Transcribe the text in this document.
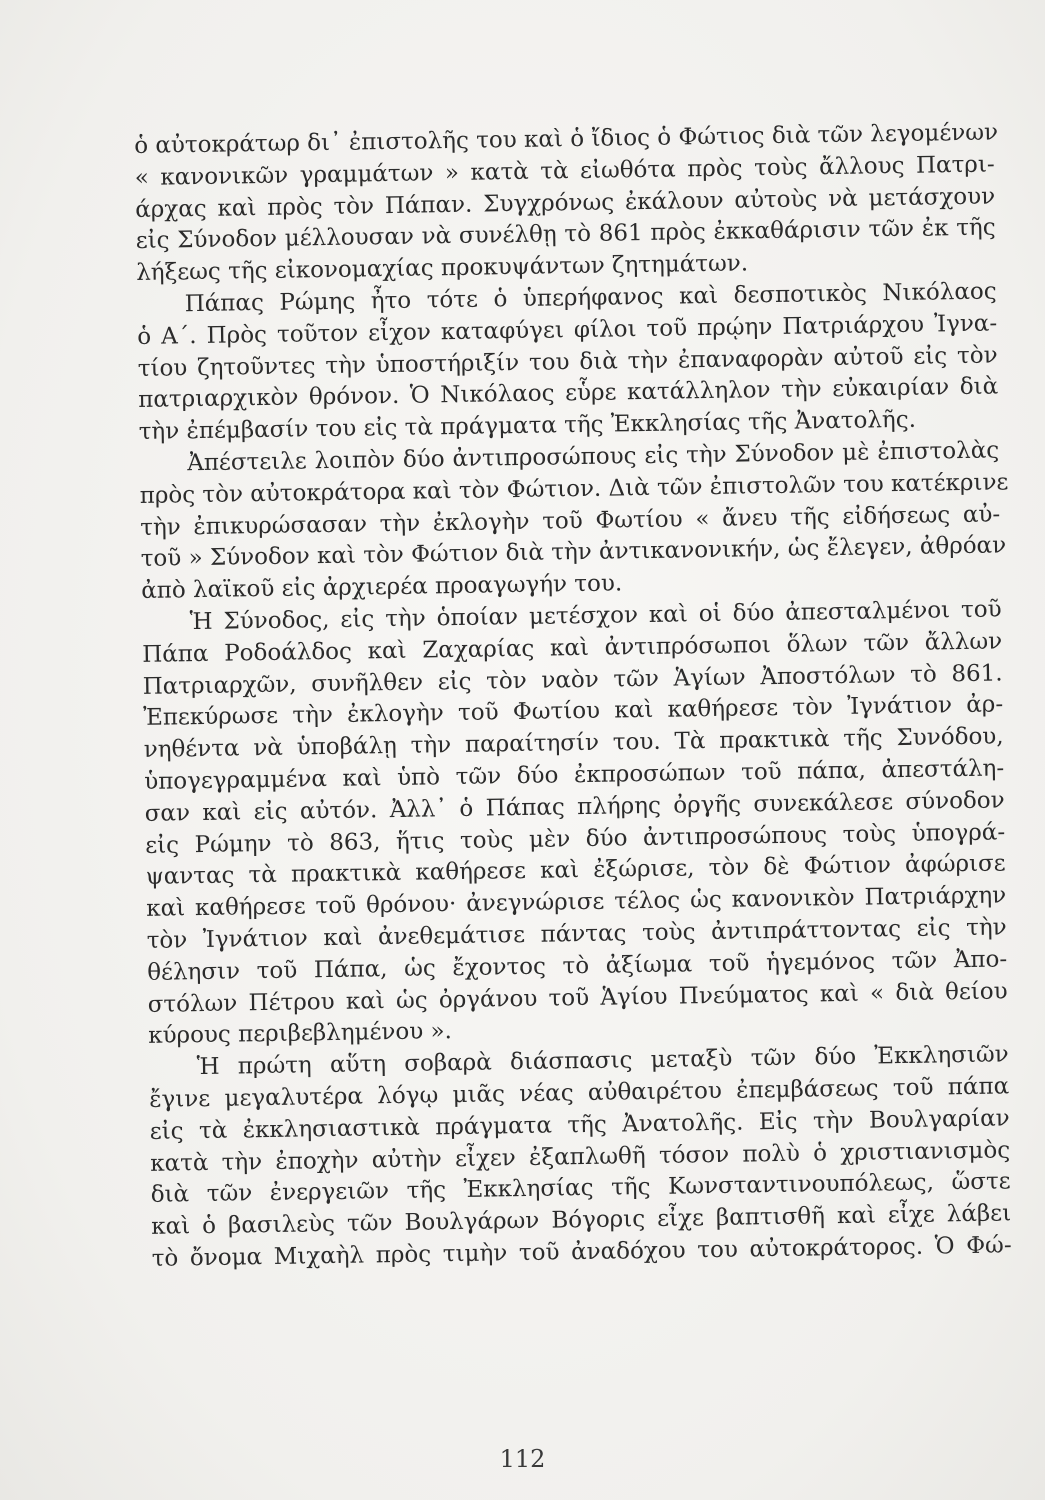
ὁ αὐτοκράτωρ δι᾽ ἐπιστολῆς του καὶ ὁ ἴδιος ὁ Φώτιος διὰ τῶν λεγομένων
« κανονικῶν γραμμάτων » κατὰ τὰ εἰωθότα πρὸς τοὺς ἄλλους Πατρι-
άρχας καὶ πρὸς τὸν Πάπαν. Συγχρόνως ἐκάλουν αὐτοὺς νὰ μετάσχουν
εἰς Σύνοδον μέλλουσαν νὰ συνέλθῃ τὸ 861 πρὸς ἐκκαθάρισιν τῶν ἐκ τῆς
λήξεως τῆς εἰκονομαχίας προκυψάντων ζητημάτων.
Πάπας Ρώμης ἦτο τότε ὁ ὑπερήφανος καὶ δεσποτικὸς Νικόλαος
ὁ Α΄. Πρὸς τοῦτον εἶχον καταφύγει φίλοι τοῦ πρῴην Πατριάρχου Ἰγνα-
τίου ζητοῦντες τὴν ὑποστήριξίν του διὰ τὴν ἐπαναφορὰν αὐτοῦ εἰς τὸν
πατριαρχικὸν θρόνον. Ὁ Νικόλαος εὗρε κατάλληλον τὴν εὐκαιρίαν διὰ
τὴν ἐπέμβασίν του εἰς τὰ πράγματα τῆς Ἐκκλησίας τῆς Ἀνατολῆς.
Ἀπέστειλε λοιπὸν δύο ἀντιπροσώπους εἰς τὴν Σύνοδον μὲ ἐπιστολὰς
πρὸς τὸν αὐτοκράτορα καὶ τὸν Φώτιον. Διὰ τῶν ἐπιστολῶν του κατέκρινε
τὴν ἐπικυρώσασαν τὴν ἐκλογὴν τοῦ Φωτίου « ἄνευ τῆς εἰδήσεως αὐ-
τοῦ » Σύνοδον καὶ τὸν Φώτιον διὰ τὴν ἀντικανονικήν, ὡς ἔλεγεν, ἀθρόαν
ἀπὸ λαϊκοῦ εἰς ἀρχιερέα προαγωγήν του.
Ἡ Σύνοδος, εἰς τὴν ὁποίαν μετέσχον καὶ οἱ δύο ἀπεσταλμένοι τοῦ
Πάπα Ροδοάλδος καὶ Ζαχαρίας καὶ ἀντιπρόσωποι ὅλων τῶν ἄλλων
Πατριαρχῶν, συνῆλθεν εἰς τὸν ναὸν τῶν Ἁγίων Ἀποστόλων τὸ 861.
Ἐπεκύρωσε τὴν ἐκλογὴν τοῦ Φωτίου καὶ καθήρεσε τὸν Ἰγνάτιον ἀρ-
νηθέντα νὰ ὑποβάλῃ τὴν παραίτησίν του. Τὰ πρακτικὰ τῆς Συνόδου,
ὑπογεγραμμένα καὶ ὑπὸ τῶν δύο ἐκπροσώπων τοῦ πάπα, ἀπεστάλη-
σαν καὶ εἰς αὐτόν. Ἀλλ᾽ ὁ Πάπας πλήρης ὀργῆς συνεκάλεσε σύνοδον
εἰς Ρώμην τὸ 863, ἥτις τοὺς μὲν δύο ἀντιπροσώπους τοὺς ὑπογρά-
ψαντας τὰ πρακτικὰ καθήρεσε καὶ ἐξώρισε, τὸν δὲ Φώτιον ἀφώρισε
καὶ καθήρεσε τοῦ θρόνου· ἀνεγνώρισε τέλος ὡς κανονικὸν Πατριάρχην
τὸν Ἰγνάτιον καὶ ἀνεθεμάτισε πάντας τοὺς ἀντιπράττοντας εἰς τὴν
θέλησιν τοῦ Πάπα, ὡς ἔχοντος τὸ ἀξίωμα τοῦ ἡγεμόνος τῶν Ἀπο-
στόλων Πέτρου καὶ ὡς ὀργάνου τοῦ Ἁγίου Πνεύματος καὶ « διὰ θείου
κύρους περιβεβλημένου ».
Ἡ πρώτη αὕτη σοβαρὰ διάσπασις μεταξὺ τῶν δύο Ἐκκλησιῶν
ἔγινε μεγαλυτέρα λόγῳ μιᾶς νέας αὐθαιρέτου ἐπεμβάσεως τοῦ πάπα
εἰς τὰ ἐκκλησιαστικὰ πράγματα τῆς Ἀνατολῆς. Εἰς τὴν Βουλγαρίαν
κατὰ τὴν ἐποχὴν αὐτὴν εἶχεν ἐξαπλωθῆ τόσον πολὺ ὁ χριστιανισμὸς
διὰ τῶν ἐνεργειῶν τῆς Ἐκκλησίας τῆς Κωνσταντινουπόλεως, ὥστε
καὶ ὁ βασιλεὺς τῶν Βουλγάρων Βόγορις εἶχε βαπτισθῆ καὶ εἶχε λάβει
τὸ ὄνομα Μιχαὴλ πρὸς τιμὴν τοῦ ἀναδόχου του αὐτοκράτορος. Ὁ Φώ-
112
